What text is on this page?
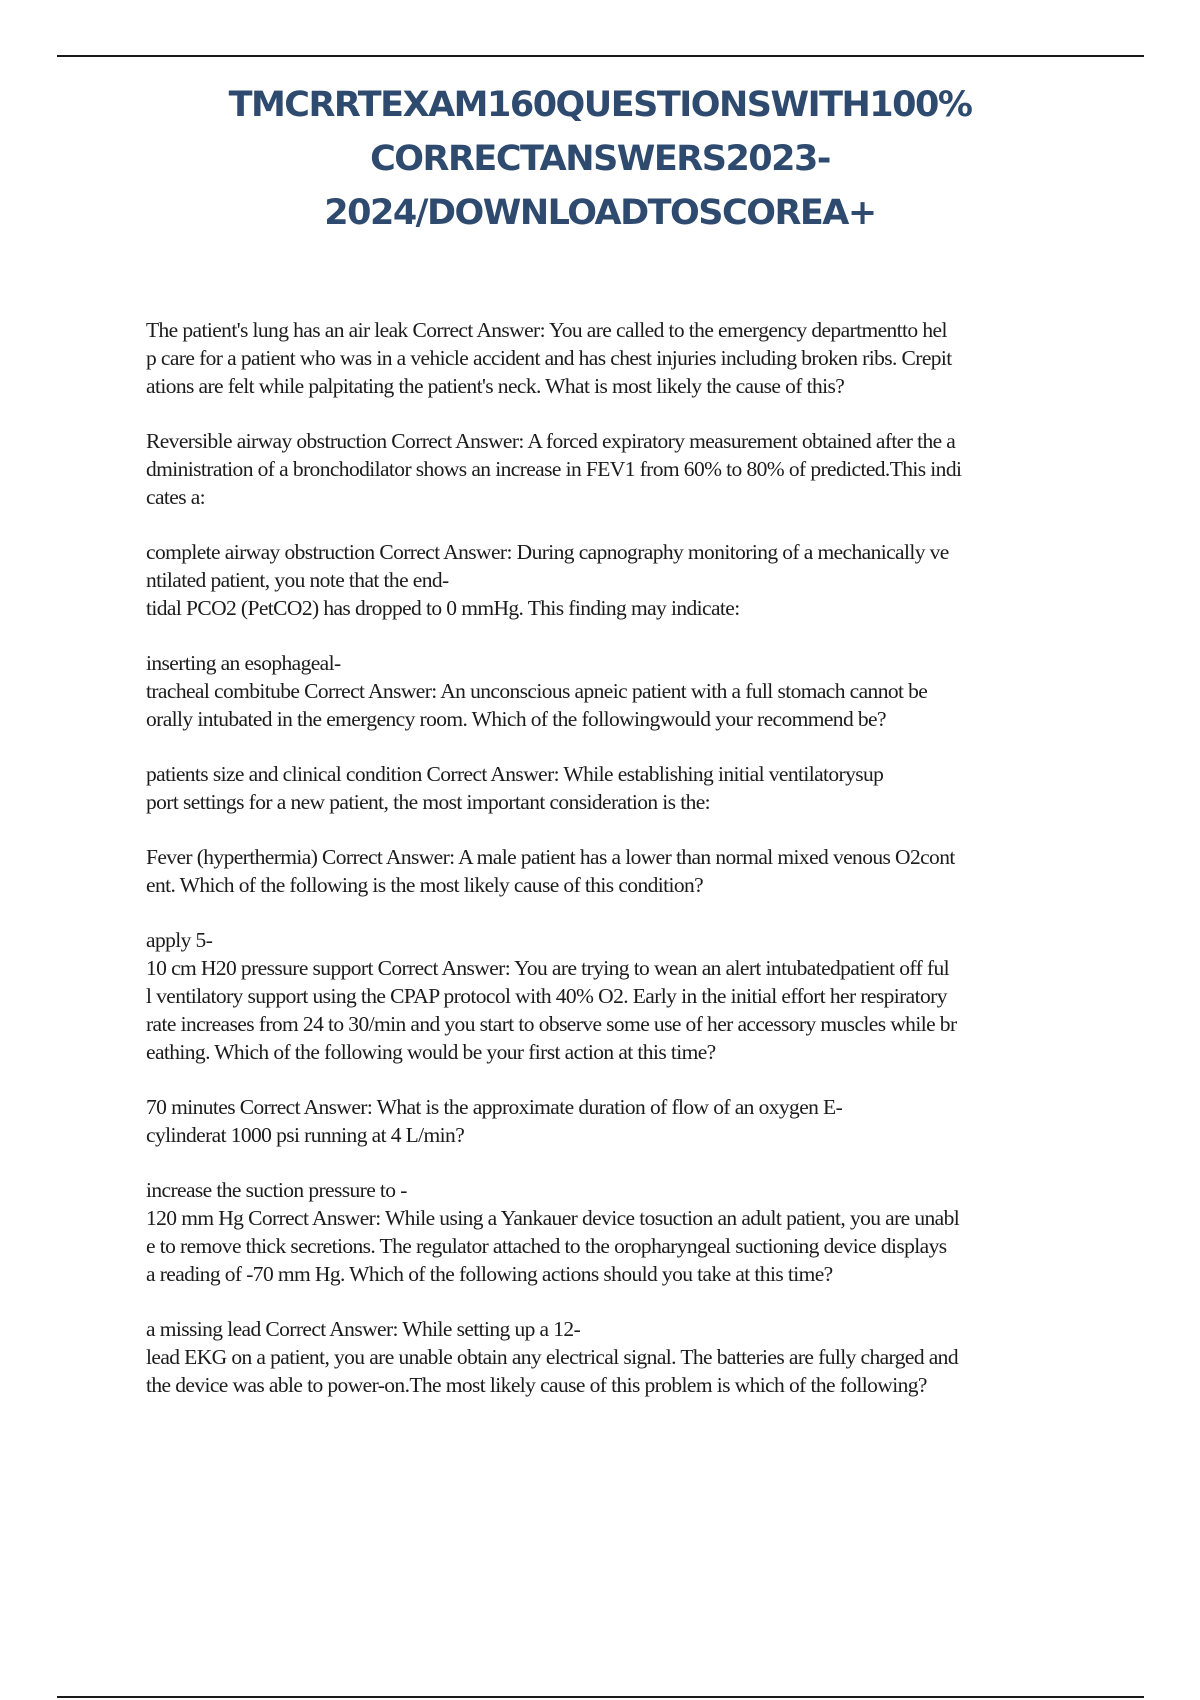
TMCRRTEXAM160QUESTIONSWITH100%
CORRECTANSWERS2023-
2024/DOWNLOADTOSCOREA+

The patient's lung has an air leak Correct Answer: You are called to the emergency departmentto hel
p care for a patient who was in a vehicle accident and has chest injuries including broken ribs. Crepit
ations are felt while palpitating the patient's neck. What is most likely the cause of this?

Reversible airway obstruction Correct Answer: A forced expiratory measurement obtained after the a
dministration of a bronchodilator shows an increase in FEV1 from 60% to 80% of predicted.This indi
cates a:

complete airway obstruction Correct Answer: During capnography monitoring of a mechanically ve
ntilated patient, you note that the end-
tidal PCO2 (PetCO2) has dropped to 0 mmHg. This finding may indicate:

inserting an esophageal-
tracheal combitube Correct Answer: An unconscious apneic patient with a full stomach cannot be
orally intubated in the emergency room. Which of the followingwould your recommend be?

patients size and clinical condition Correct Answer: While establishing initial ventilatorysup
port settings for a new patient, the most important consideration is the:

Fever (hyperthermia) Correct Answer: A male patient has a lower than normal mixed venous O2cont
ent. Which of the following is the most likely cause of this condition?

apply 5-
10 cm H20 pressure support Correct Answer: You are trying to wean an alert intubatedpatient off ful
l ventilatory support using the CPAP protocol with 40% O2. Early in the initial effort her respiratory
rate increases from 24 to 30/min and you start to observe some use of her accessory muscles while br
eathing. Which of the following would be your first action at this time?

70 minutes Correct Answer: What is the approximate duration of flow of an oxygen E-
cylinderat 1000 psi running at 4 L/min?

increase the suction pressure to -
120 mm Hg Correct Answer: While using a Yankauer device tosuction an adult patient, you are unabl
e to remove thick secretions. The regulator attached to the oropharyngeal suctioning device displays
a reading of -70 mm Hg. Which of the following actions should you take at this time?

a missing lead Correct Answer: While setting up a 12-
lead EKG on a patient, you are unable obtain any electrical signal. The batteries are fully charged and
the device was able to power-on.The most likely cause of this problem is which of the following?
